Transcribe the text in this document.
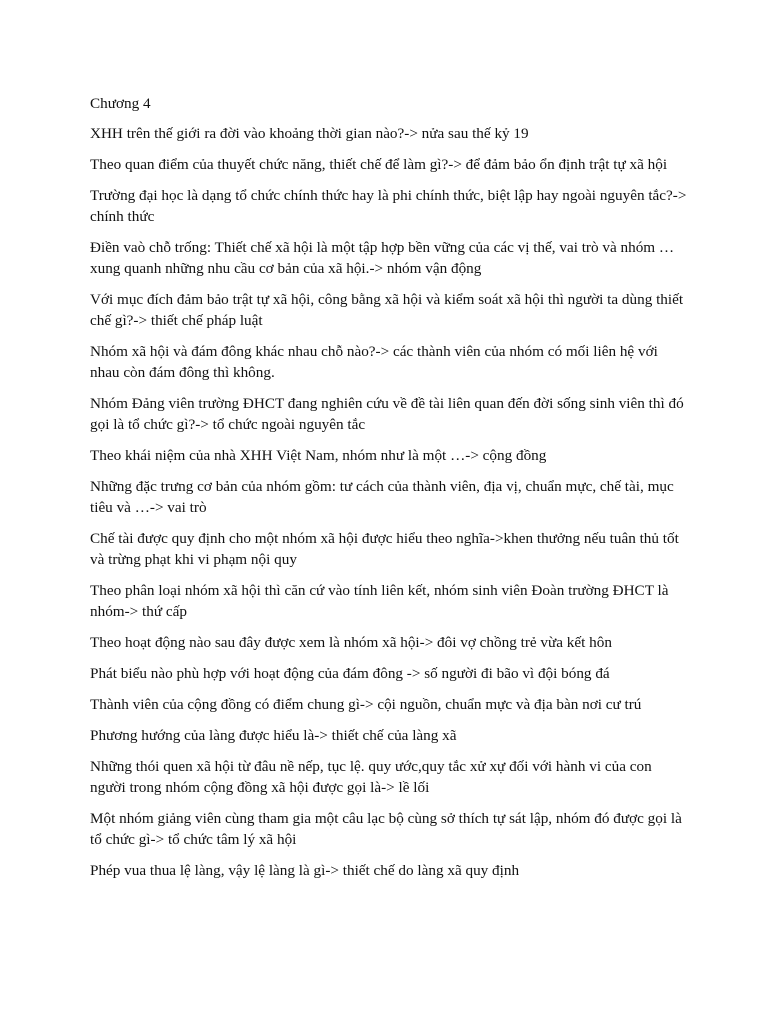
Chương 4
XHH trên thế giới ra đời vào khoảng thời gian nào?-> nửa sau thế kỷ 19
Theo quan điểm của thuyết chức năng, thiết chế để làm gì?-> để đảm bảo ổn định trật tự xã hội
Trường đại học là dạng tổ chức chính thức hay là phi chính thức, biệt lập hay ngoài nguyên tắc?-> chính thức
Điền vaò chỗ trống: Thiết chế xã hội là một tập hợp bền vững của các vị thế, vai trò và nhóm … xung quanh những nhu cầu cơ bản của xã hội.-> nhóm vận động
Với mục đích đảm bảo trật tự xã hội, công bằng xã hội và kiểm soát xã hội thì người ta dùng thiết chế gì?-> thiết chế pháp luật
Nhóm xã hội và đám đông khác nhau chỗ nào?-> các thành viên của nhóm có mối liên hệ với nhau còn đám đông thì không.
Nhóm Đảng viên trường ĐHCT đang nghiên cứu về đề tài liên quan đến đời sống sinh viên thì đó gọi là tổ chức gì?-> tổ chức ngoài nguyên tắc
Theo khái niệm của nhà XHH Việt Nam, nhóm như là một …-> cộng đồng
Những đặc trưng cơ bản của nhóm gồm: tư cách của thành viên, địa vị, chuẩn mực, chế tài, mục tiêu và …-> vai trò
Chế tài được quy định cho một nhóm xã hội được hiểu theo nghĩa->khen thưởng nếu tuân thủ tốt và trừng phạt khi vi phạm nội quy
Theo phân loại nhóm xã hội thì căn cứ vào tính liên kết, nhóm sinh viên Đoàn trường ĐHCT là nhóm-> thứ cấp
Theo hoạt động nào sau đây được xem là nhóm xã hội-> đôi vợ chồng trẻ vừa kết hôn
Phát biểu nào phù hợp với hoạt động của đám đông -> số người đi bão vì đội bóng đá
Thành viên của cộng đồng có điểm chung gì-> cội nguồn, chuẩn mực và địa bàn nơi cư trú
Phương hướng của làng được hiểu là-> thiết chế của làng xã
Những thói quen xã hội từ đâu nề nếp, tục lệ. quy ước,quy tắc xử xự đối với hành vi của con người trong nhóm cộng đồng xã hội được gọi là-> lề lối
Một nhóm giảng viên cùng tham gia một câu lạc bộ cùng sở thích tự sát lập, nhóm đó được gọi là tổ chức gì-> tổ chức tâm lý xã hội
Phép vua thua lệ làng, vậy lệ làng là gì-> thiết chế do làng xã quy định
